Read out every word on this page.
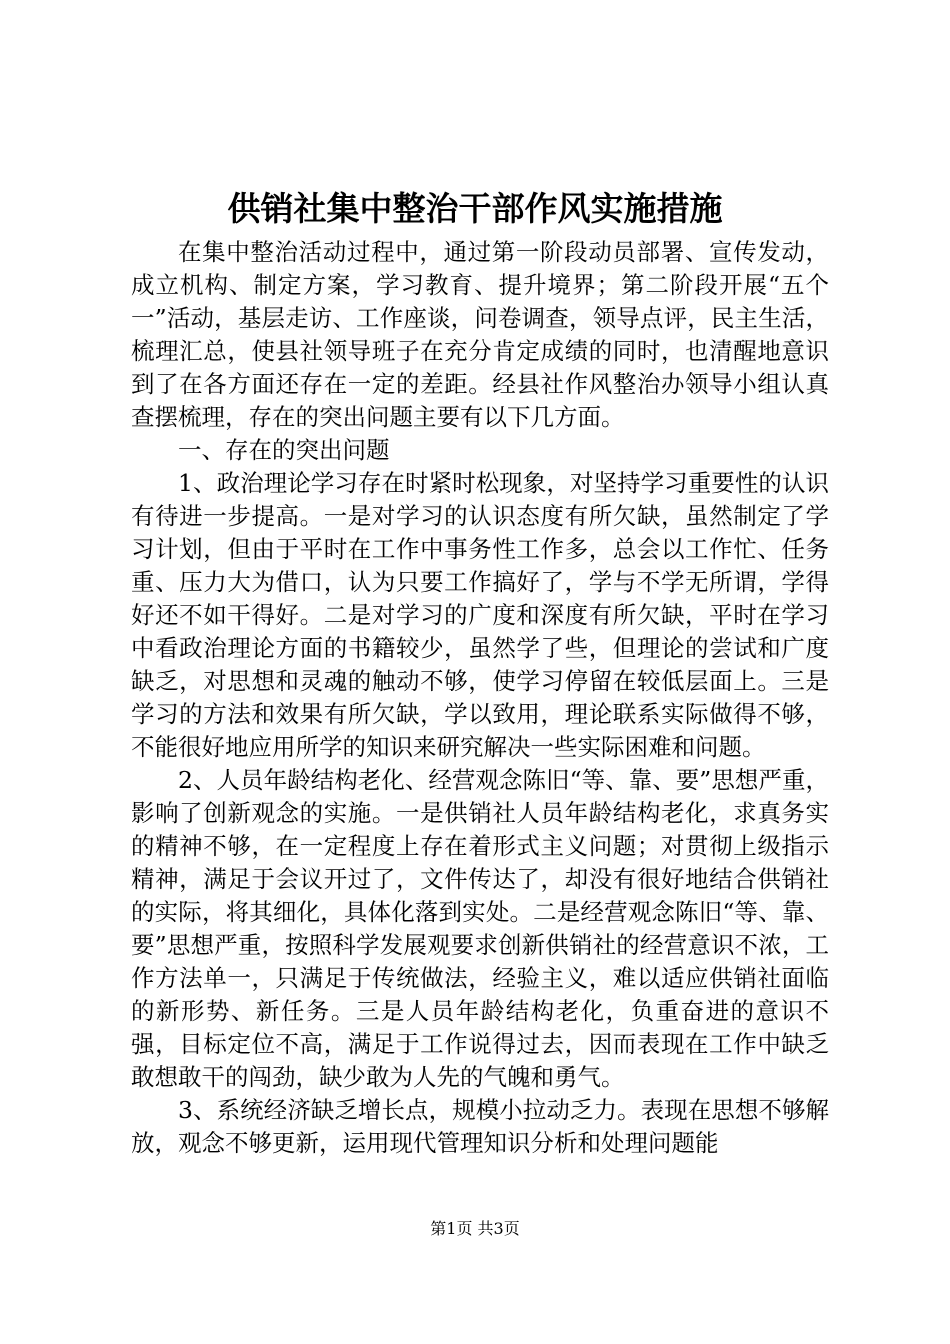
供销社集中整治干部作风实施措施

在集中整治活动过程中，通过第一阶段动员部署、宣传发动，成立机构、制定方案，学习教育、提升境界；第二阶段开展“五个一”活动，基层走访、工作座谈，问卷调查，领导点评，民主生活，梳理汇总，使县社领导班子在充分肯定成绩的同时，也清醒地意识到了在各方面还存在一定的差距。经县社作风整治办领导小组认真查摆梳理，存在的突出问题主要有以下几方面。

一、存在的突出问题

1、政治理论学习存在时紧时松现象，对坚持学习重要性的认识有待进一步提高。一是对学习的认识态度有所欠缺，虽然制定了学习计划，但由于平时在工作中事务性工作多，总会以工作忙、任务重、压力大为借口，认为只要工作搞好了，学与不学无所谓，学得好还不如干得好。二是对学习的广度和深度有所欠缺，平时在学习中看政治理论方面的书籍较少，虽然学了些，但理论的尝试和广度缺乏，对思想和灵魂的触动不够，使学习停留在较低层面上。三是学习的方法和效果有所欠缺，学以致用，理论联系实际做得不够，不能很好地应用所学的知识来研究解决一些实际困难和问题。

2、人员年龄结构老化、经营观念陈旧“等、靠、要”思想严重，影响了创新观念的实施。一是供销社人员年龄结构老化，求真务实的精神不够，在一定程度上存在着形式主义问题；对贯彻上级指示精神，满足于会议开过了，文件传达了，却没有很好地结合供销社的实际，将其细化，具体化落到实处。二是经营观念陈旧“等、靠、要”思想严重，按照科学发展观要求创新供销社的经营意识不浓，工作方法单一，只满足于传统做法，经验主义，难以适应供销社面临的新形势、新任务。三是人员年龄结构老化，负重奋进的意识不强，目标定位不高，满足于工作说得过去，因而表现在工作中缺乏敢想敢干的闯劲，缺少敢为人先的气魄和勇气。

3、系统经济缺乏增长点，规模小拉动乏力。表现在思想不够解放，观念不够更新，运用现代管理知识分析和处理问题能

第1页 共3页
